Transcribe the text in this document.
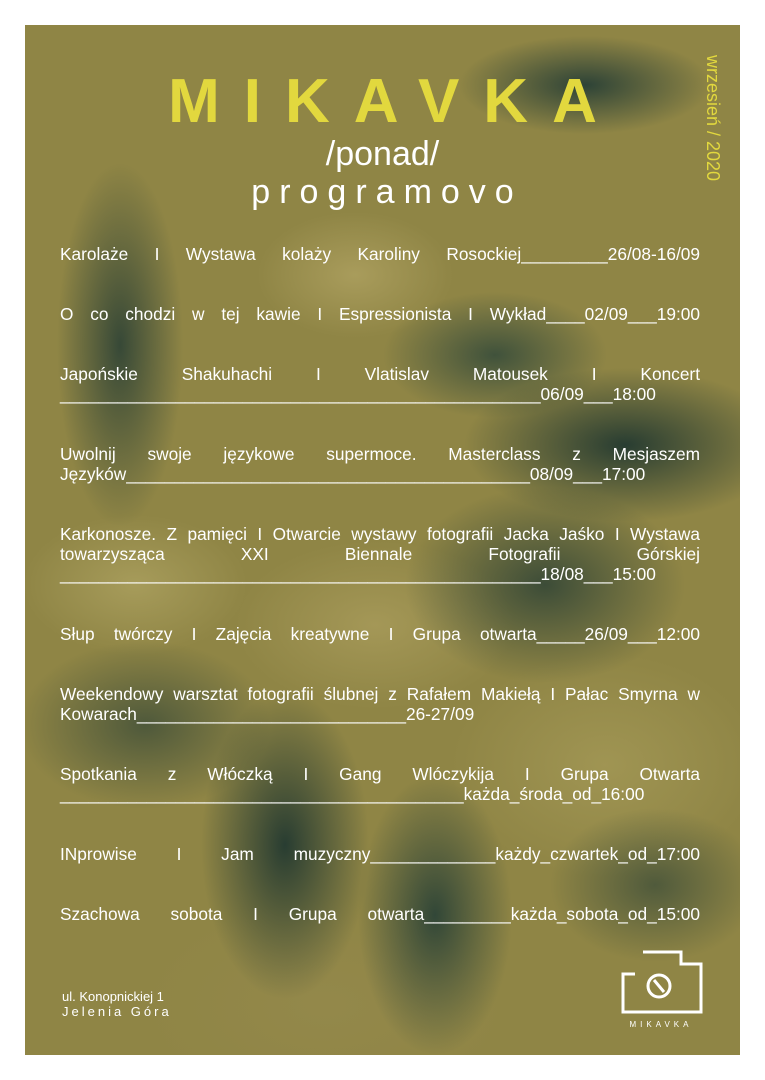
MIKAVKA
/ponad/
programovo
wrzesień / 2020
Karolaże I Wystawa kolaży Karoliny Rosockiej_________26/08-16/09
O co chodzi w tej kawie I Espressionista I Wykład____02/09___19:00
Japońskie Shakuhachi I Vlatislav Matousek I Koncert __________________________________________________06/09___18:00
Uwolnij swoje językowe supermoce. Masterclass z Mesjaszem Języków__________________________________________08/09___17:00
Karkonosze. Z pamięci I Otwarcie wystawy fotografii Jacka Jaśko I Wystawa towarzysząca XXI Biennale Fotografii Górskiej __________________________________________________18/08___15:00
Słup twórczy I Zajęcia kreatywne I Grupa otwarta_____26/09___12:00
Weekendowy warsztat fotografii ślubnej z Rafałem Makiełą I Pałac Smyrna w Kowarach____________________________26-27/09
Spotkania z Włóczką I Gang Wlóczykija I Grupa Otwarta __________________________________________każda_środa_od_16:00
INprowise I Jam muzyczny_____________każdy_czwartek_od_17:00
Szachowa sobota I Grupa otwarta_________każda_sobota_od_15:00
ul. Konopnickiej 1
Jelenia Góra
MIKAVKA
